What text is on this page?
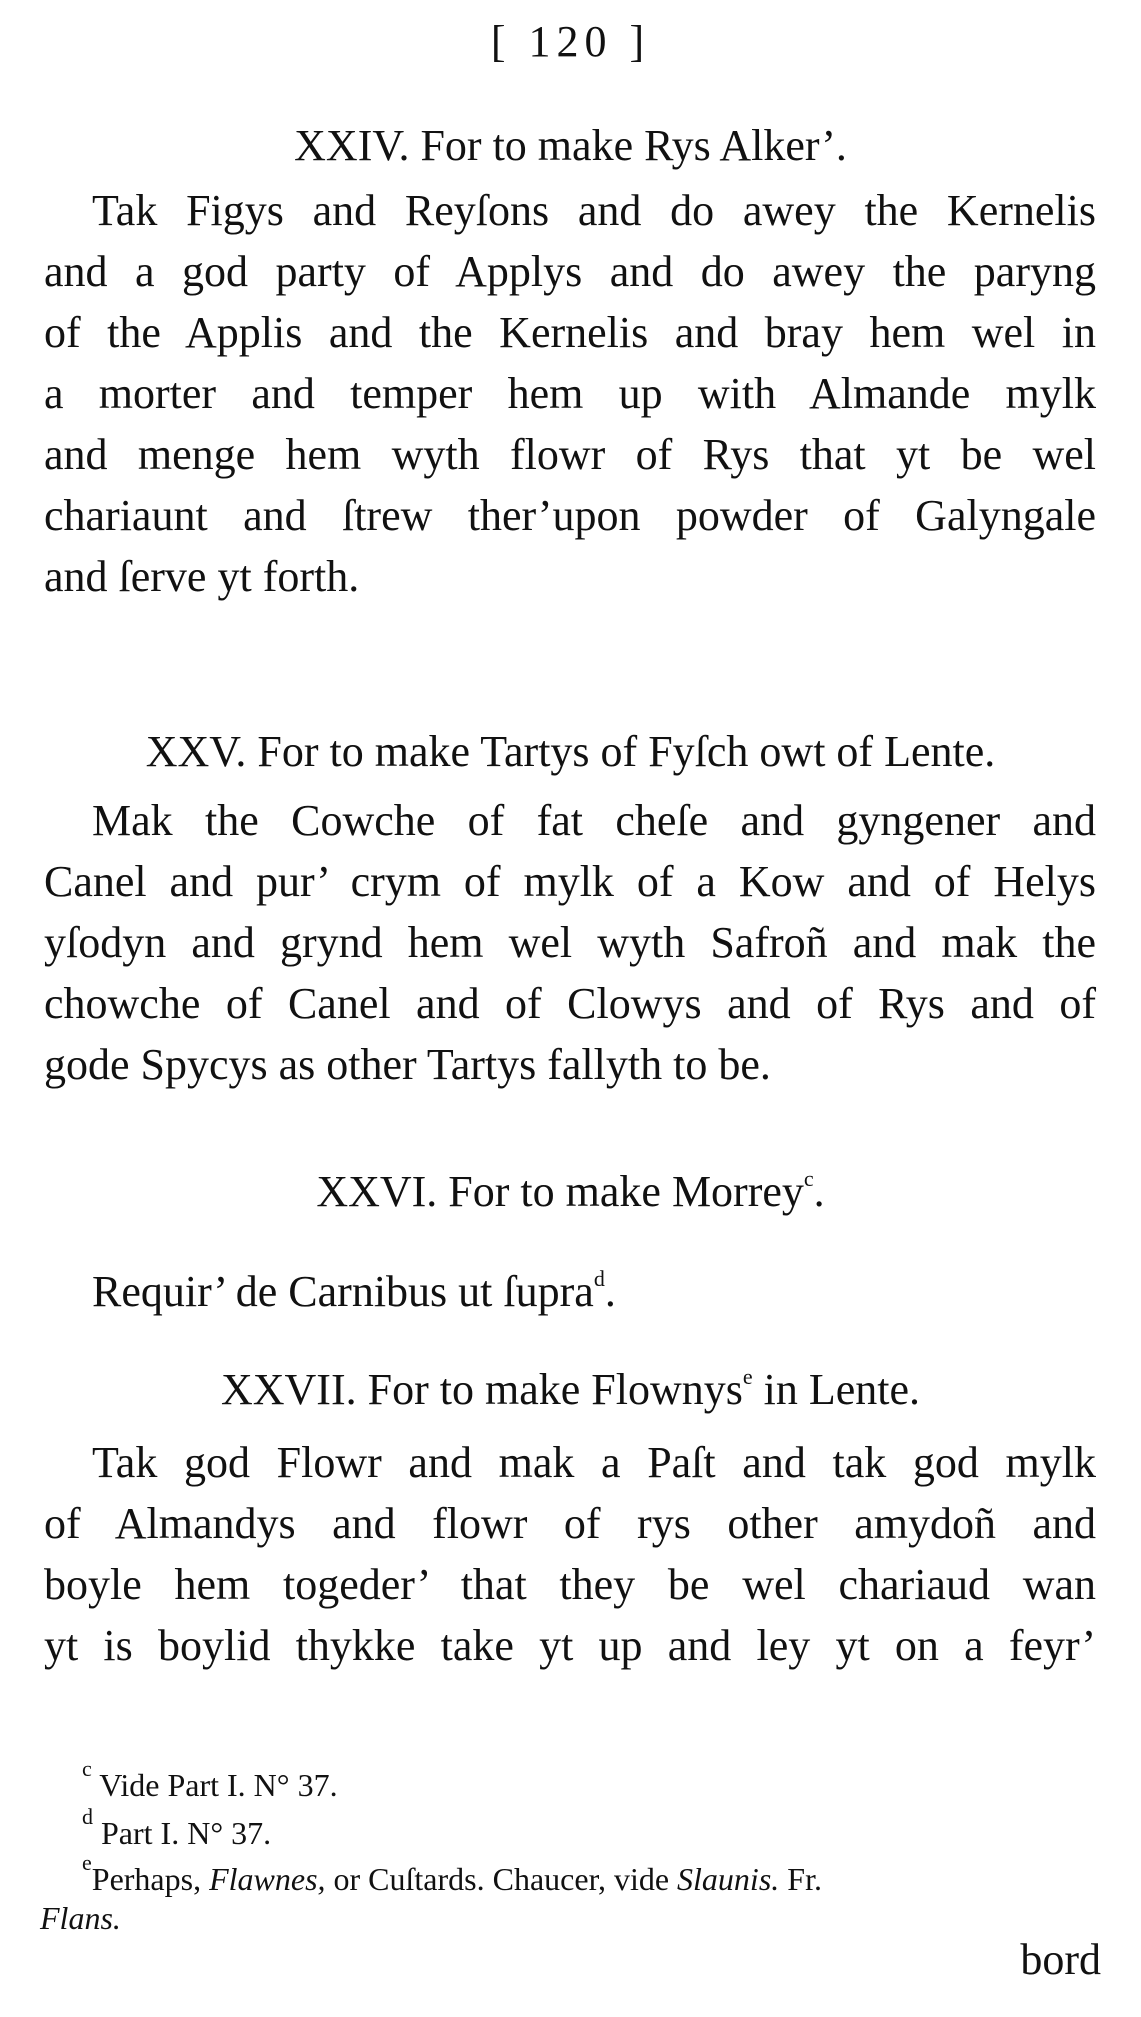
[ 120 ]
XXIV. For to make Rys Alker’.
Tak Figys and Reyſons and do awey the Kernelis
and a god party of Applys and do awey the paryng
of the Applis and the Kernelis and bray hem wel in
a morter and temper hem up with Almande mylk
and menge hem wyth flowr of Rys that yt be wel
chariaunt and ſtrew ther’upon powder of Galyngale
and ſerve yt forth.
XXV. For to make Tartys of Fyſch owt of Lente.
Mak the Cowche of fat cheſe and gyngener and
Canel and pur’ crym of mylk of a Kow and of Helys
yſodyn and grynd hem wel wyth Safroñ and mak the
chowche of Canel and of Clowys and of Rys and of
gode Spycys as other Tartys fallyth to be.
XXVI. For to make Morrey$^c$.
Requir’ de Carnibus ut ſupra$^d$.
XXVII. For to make Flownys$^e$ in Lente.
Tak god Flowr and mak a Paſt and tak god mylk
of Almandys and flowr of rys other amydoñ and
boyle hem togeder’ that they be wel chariaud wan
yt is boylid thykke take yt up and ley yt on a feyr’
$^c$ Vide Part I. N° 37.
$^d$ Part I. N° 37.
$^e$Perhaps, Flawnes, or Cuſtards. Chaucer, vide Slaunis. Fr.
Flans.
bord
